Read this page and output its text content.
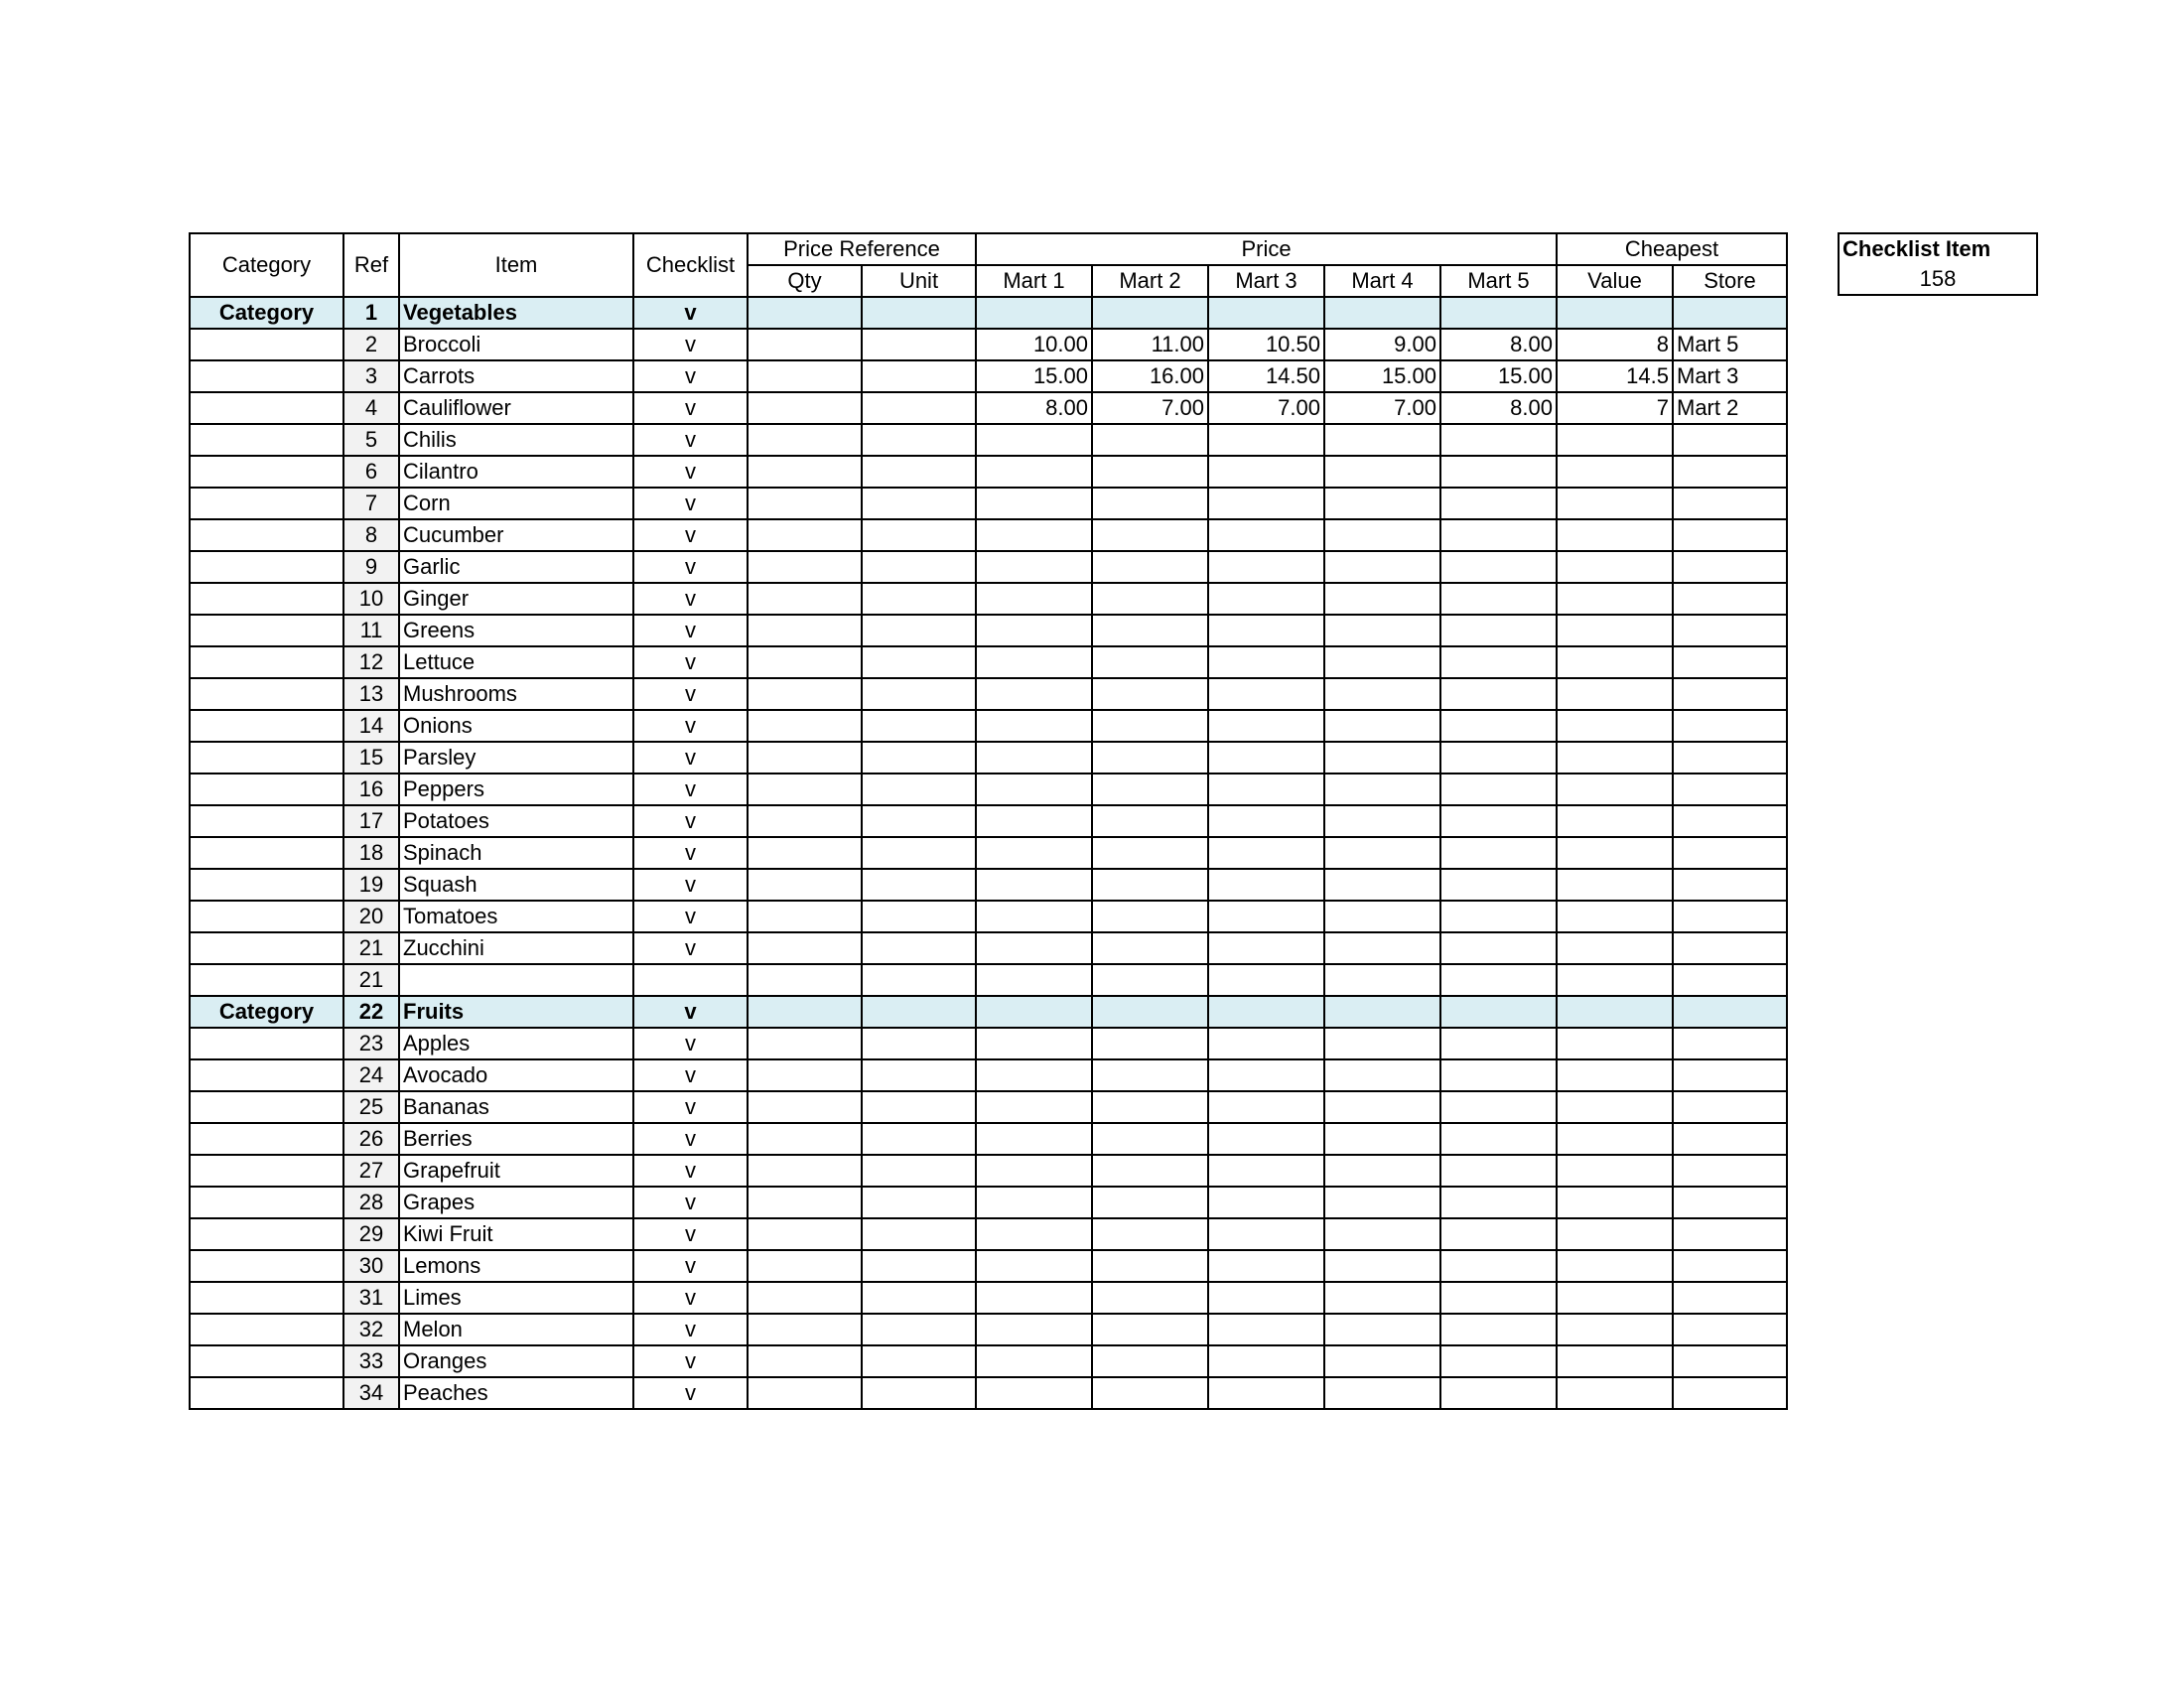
Category	Ref	Item	Checklist	Price Reference		Price					Cheapest	
				Qty	Unit	Mart 1	Mart 2	Mart 3	Mart 4	Mart 5	Value	Store
Category	1	Vegetables	v									
	2	Broccoli	v			10.00	11.00	10.50	9.00	8.00	8	Mart 5
	3	Carrots	v			15.00	16.00	14.50	15.00	15.00	14.5	Mart 3
	4	Cauliflower	v			8.00	7.00	7.00	7.00	8.00	7	Mart 2
	5	Chilis	v									
	6	Cilantro	v									
	7	Corn	v									
	8	Cucumber	v									
	9	Garlic	v									
	10	Ginger	v									
	11	Greens	v									
	12	Lettuce	v									
	13	Mushrooms	v									
	14	Onions	v									
	15	Parsley	v									
	16	Peppers	v									
	17	Potatoes	v									
	18	Spinach	v									
	19	Squash	v									
	20	Tomatoes	v									
	21	Zucchini	v									
	21											
Category	22	Fruits	v									
	23	Apples	v									
	24	Avocado	v									
	25	Bananas	v									
	26	Berries	v									
	27	Grapefruit	v									
	28	Grapes	v									
	29	Kiwi Fruit	v									
	30	Lemons	v									
	31	Limes	v									
	32	Melon	v									
	33	Oranges	v									
	34	Peaches	v									
Checklist Item
158
